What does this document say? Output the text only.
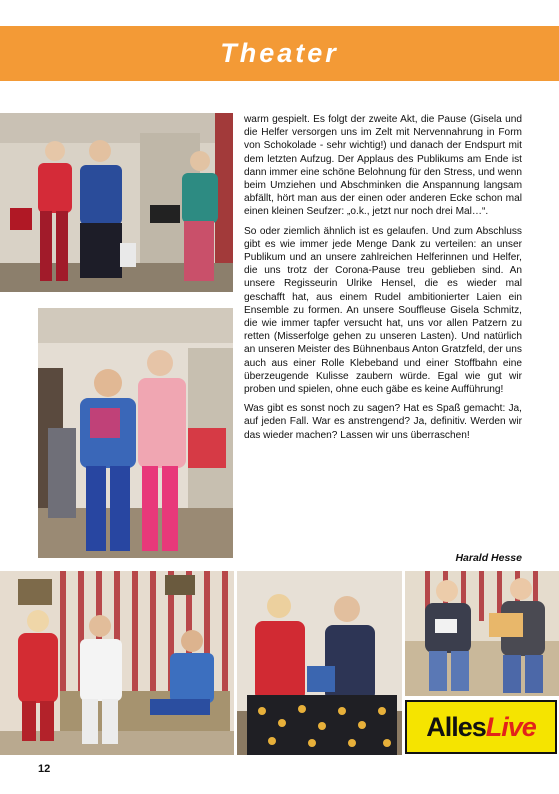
Theater

warm gespielt. Es folgt der zweite Akt, die Pause (Gisela und die Helfer versorgen uns im Zelt mit Nervennahrung in Form von Schokolade - sehr wichtig!) und danach der Endspurt mit dem letzten Aufzug. Der Applaus des Publikums am Ende ist dann immer eine schöne Belohnung für den Stress, und wenn beim Umziehen und Abschminken die Anspannung langsam abfällt, hört man aus der einen oder anderen Ecke schon mal einen kleinen Seufzer: „o.k., jetzt nur noch drei Mal…“.

So oder ziemlich ähnlich ist es gelaufen. Und zum Abschluss gibt es wie immer jede Menge Dank zu verteilen: an unser Publikum und an unsere zahlreichen Helferinnen und Helfer, die uns trotz der Corona-Pause treu geblieben sind. An unsere Regisseurin Ulrike Hensel, die es wieder mal geschafft hat, aus einem Rudel ambitionierter Laien ein Ensemble zu formen. An unsere Souffleuse Gisela Schmitz, die wie immer tapfer versucht hat, uns vor allen Patzern zu retten (Misserfolge gehen zu unseren Lasten). Und natürlich an unseren Meister des Bühnenbaus Anton Gratzfeld, der uns auch aus einer Rolle Klebeband und einer Stoffbahn eine überzeugende Kulisse zaubern würde. Egal wie gut wir proben und spielen, ohne euch gäbe es keine Aufführung!

Was gibt es sonst noch zu sagen? Hat es Spaß gemacht: Ja, auf jeden Fall. War es anstrengend? Ja, definitiv. Werden wir das wieder machen? Lassen wir uns überraschen!

Harald Hesse
Alles Live
12
